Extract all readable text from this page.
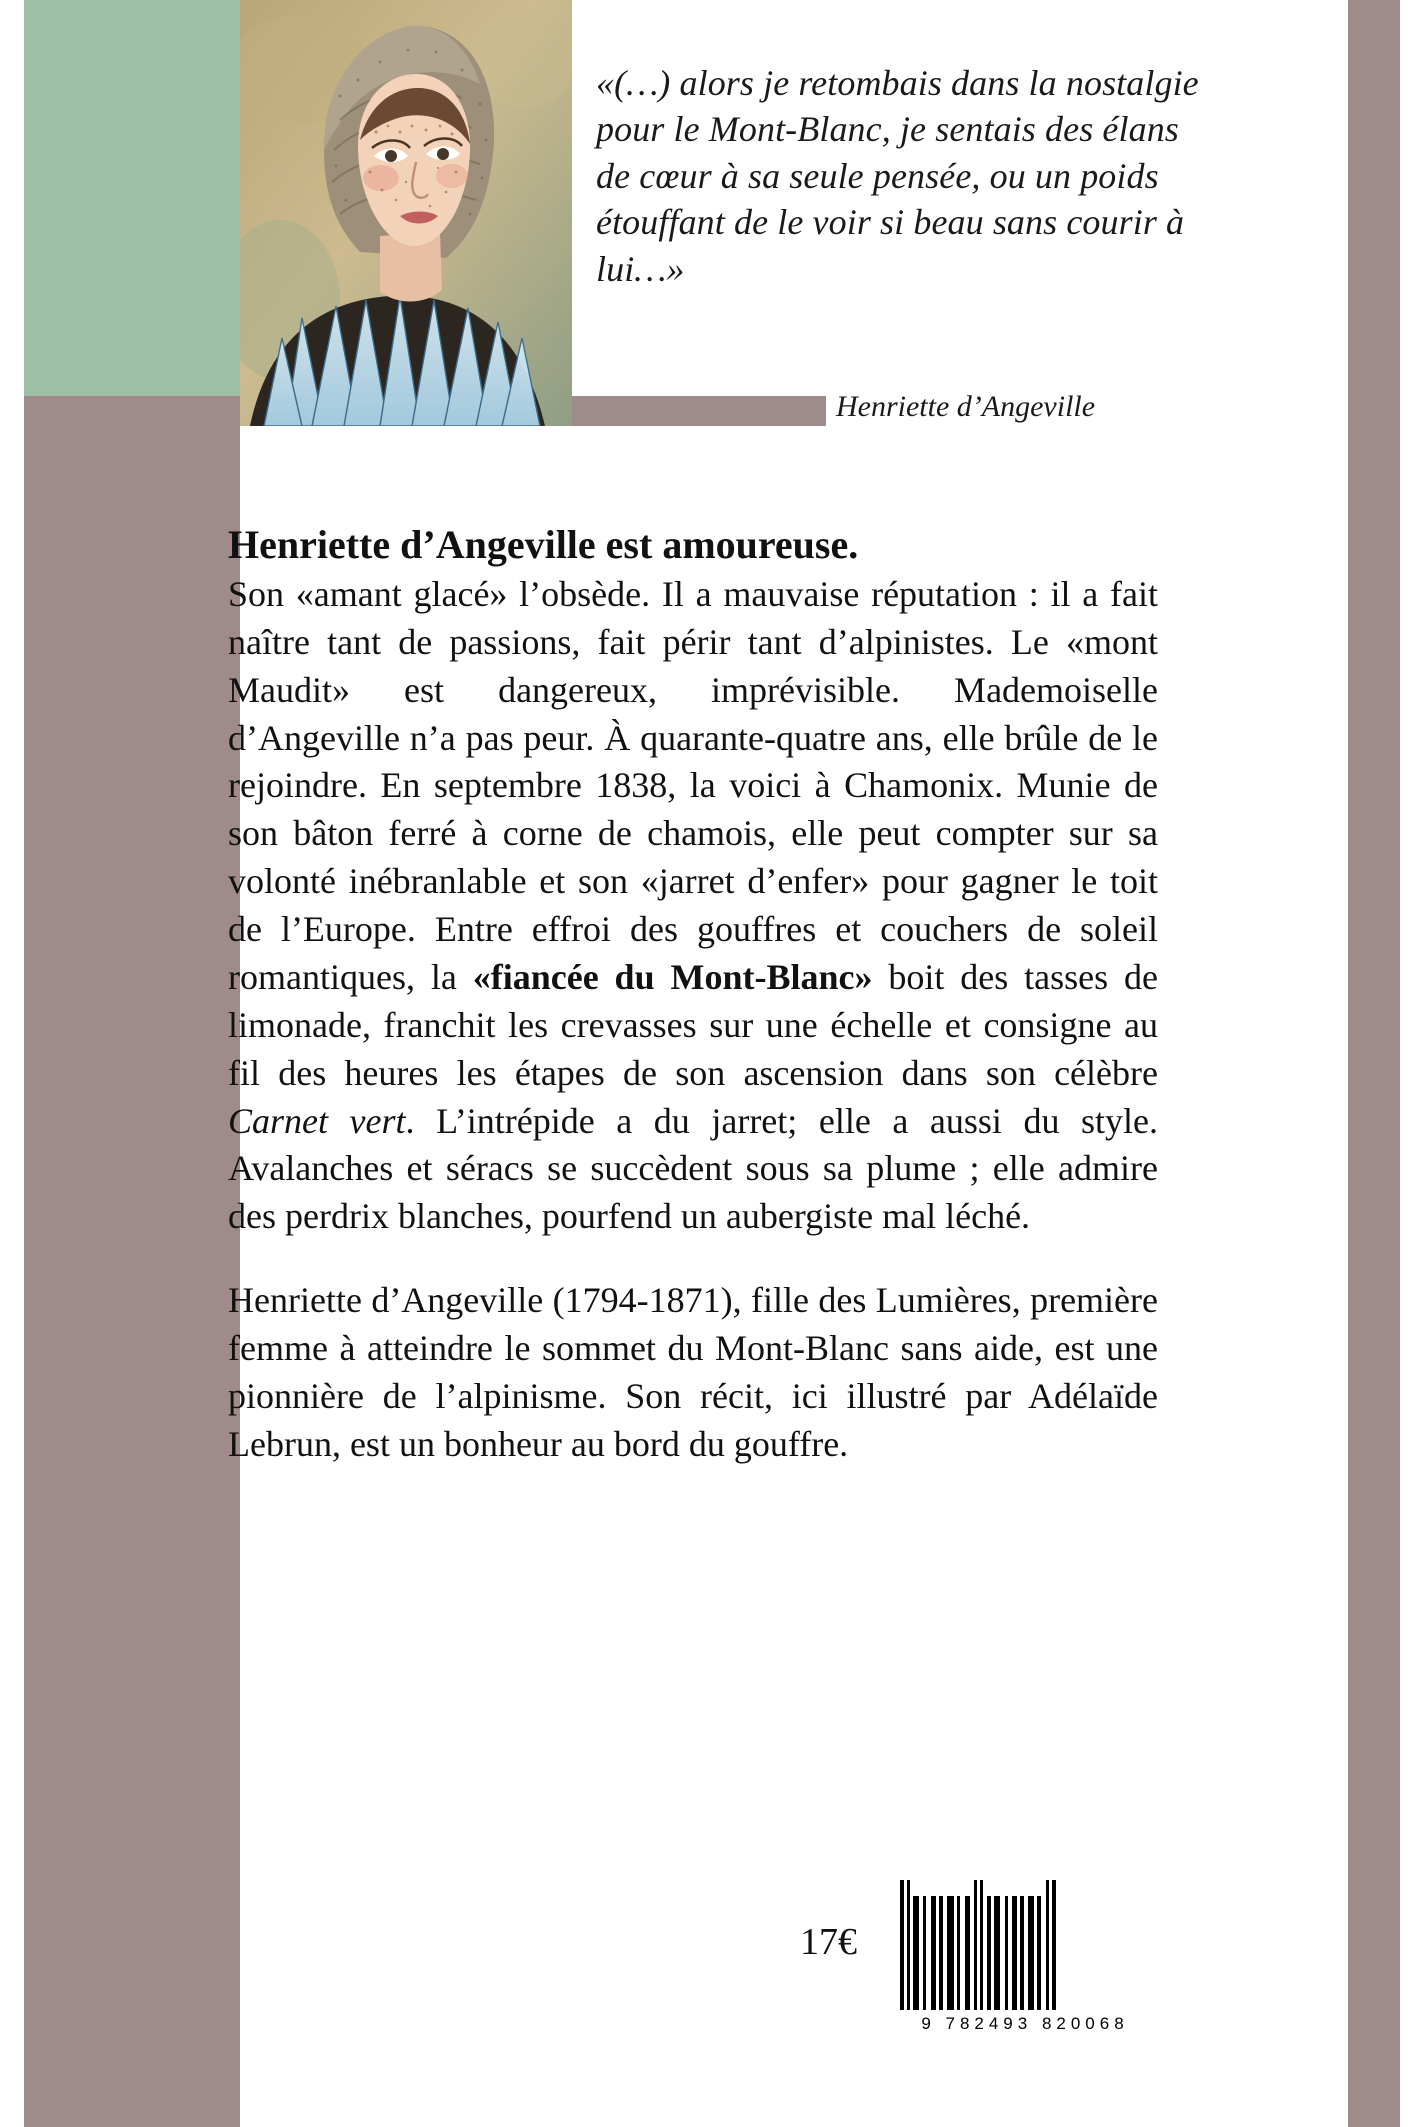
«(…) alors je retombais dans la nostalgie pour le Mont-Blanc, je sentais des élans de cœur à sa seule pensée, ou un poids étouffant de le voir si beau sans courir à lui…»
Henriette d’Angeville

Henriette d’Angeville est amoureuse.
Son «amant glacé» l’obsède. Il a mauvaise réputation : il a fait naître tant de passions, fait périr tant d’alpinistes. Le «mont Maudit» est dangereux, imprévisible. Mademoiselle d’Angeville n’a pas peur. À quarante-quatre ans, elle brûle de le rejoindre. En septembre 1838, la voici à Chamonix. Munie de son bâton ferré à corne de chamois, elle peut compter sur sa volonté inébranlable et son «jarret d’enfer» pour gagner le toit de l’Europe. Entre effroi des gouffres et couchers de soleil romantiques, la «fiancée du Mont-Blanc» boit des tasses de limonade, franchit les crevasses sur une échelle et consigne au fil des heures les étapes de son ascension dans son célèbre Carnet vert. L’intrépide a du jarret; elle a aussi du style. Avalanches et séracs se succèdent sous sa plume ; elle admire des perdrix blanches, pourfend un aubergiste mal léché.

Henriette d’Angeville (1794-1871), fille des Lumières, première femme à atteindre le sommet du Mont-Blanc sans aide, est une pionnière de l’alpinisme. Son récit, ici illustré par Adélaïde Lebrun, est un bonheur au bord du gouffre.

17€
9 782493 820068
